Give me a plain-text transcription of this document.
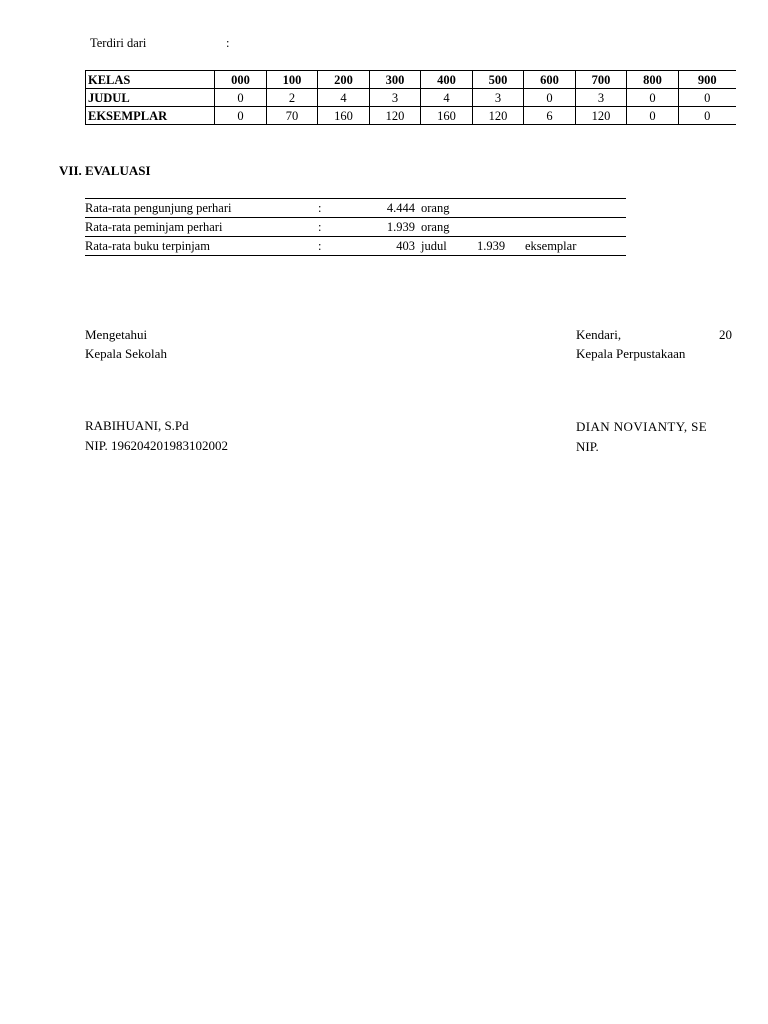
Terdiri dari	:
KELAS	000	100	200	300	400	500	600	700	800	900
JUDUL	0	2	4	3	4	3	0	3	0	0
EKSEMPLAR	0	70	160	120	160	120	6	120	0	0
VII. EVALUASI
Rata-rata pengunjung perhari	:	4.444 orang
Rata-rata peminjam perhari	:	1.939 orang
Rata-rata buku terpinjam	:	403 judul 1.939 eksemplar
Mengetahui
Kepala Sekolah
Kendari,	20
Kepala Perpustakaan
RABIHUANI, S.Pd
NIP. 196204201983102002
DIAN NOVIANTY, SE
NIP.
